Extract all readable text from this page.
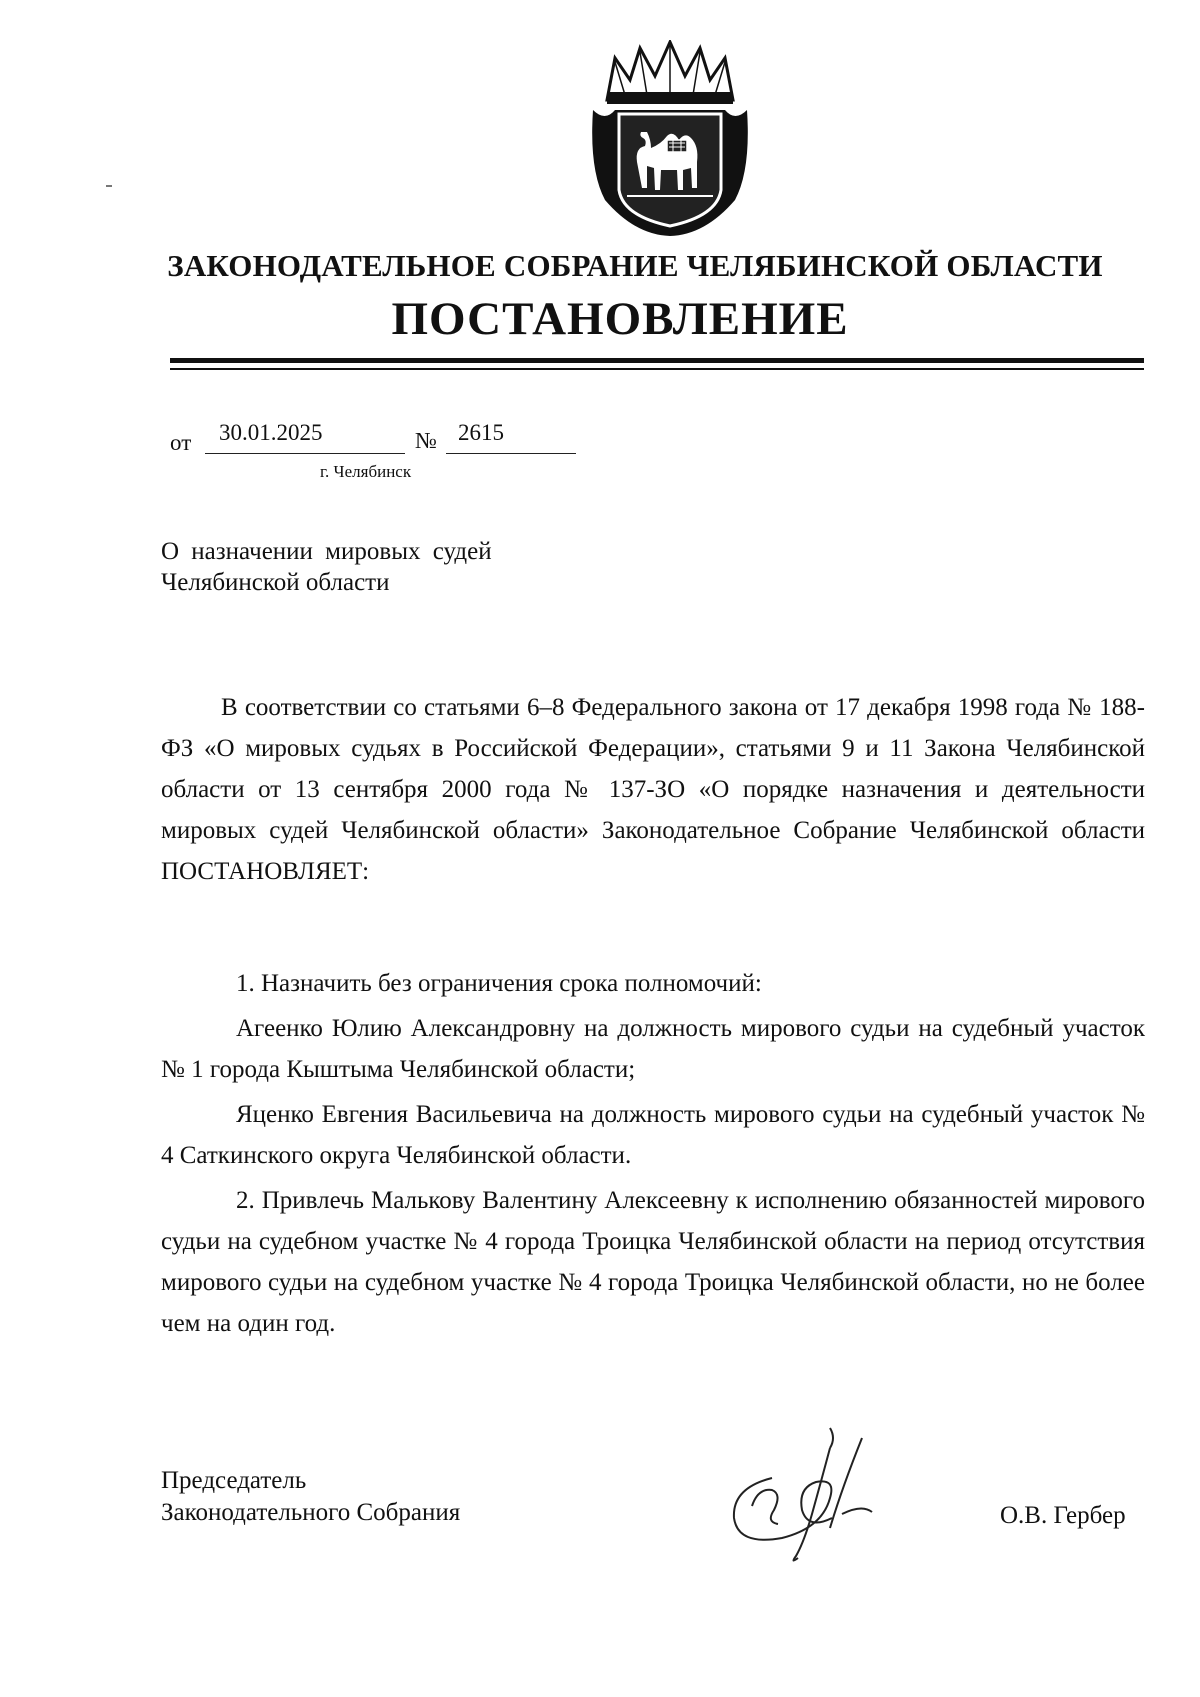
ЗАКОНОДАТЕЛЬНОЕ СОБРАНИЕ ЧЕЛЯБИНСКОЙ ОБЛАСТИ
ПОСТАНОВЛЕНИЕ
от	30.01.2025	№ 2615
г. Челябинск
О назначении мировых судей
Челябинской области
В соответствии со статьями 6–8 Федерального закона от 17 декабря 1998 года № 188-ФЗ «О мировых судьях в Российской Федерации», статьями 9 и 11 Закона Челябинской области от 13 сентября 2000 года № 137-ЗО «О порядке назначения и деятельности мировых судей Челябинской области» Законодательное Собрание Челябинской области ПОСТАНОВЛЯЕТ:

1. Назначить без ограничения срока полномочий:

Агеенко Юлию Александровну на должность мирового судьи на судебный участок № 1 города Кыштыма Челябинской области;

Яценко Евгения Васильевича на должность мирового судьи на судебный участок № 4 Саткинского округа Челябинской области.

2. Привлечь Малькову Валентину Алексеевну к исполнению обязанностей мирового судьи на судебном участке № 4 города Троицка Челябинской области на период отсутствия мирового судьи на судебном участке № 4 города Троицка Челябинской области, но не более чем на один год.

Председатель
Законодательного Собрания	О.В. Гербер
